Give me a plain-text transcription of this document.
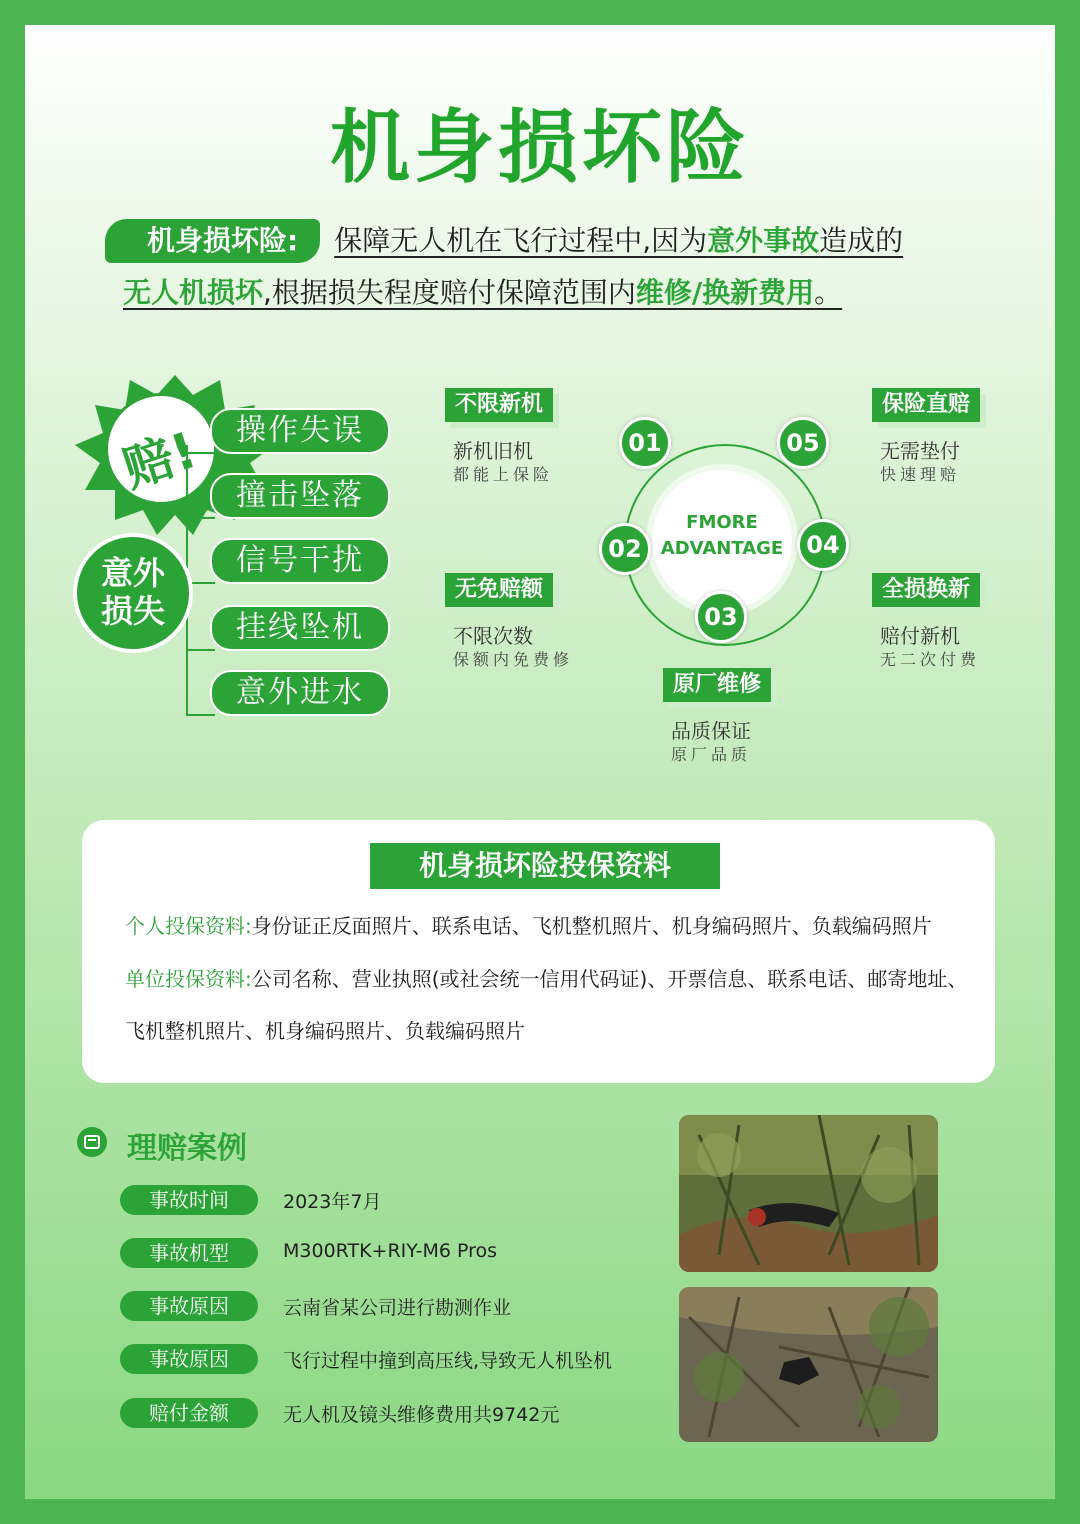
机身损坏险
机身损坏险: 保障无人机在飞行过程中,因为意外事故造成的
无人机损坏,根据损失程度赔付保障范围内维修/换新费用。
赔!
意外
损失
操作失误
撞击坠落
信号干扰
挂线坠机
意外进水
FMORE
ADVANTAGE
01
02
03
04
05
不限新机
新机旧机
都能上保险
无免赔额
不限次数
保额内免费修
原厂维修
品质保证
原厂品质
全损换新
赔付新机
无二次付费
保险直赔
无需垫付
快速理赔
机身损坏险投保资料
个人投保资料:身份证正反面照片、联系电话、飞机整机照片、机身编码照片、负载编码照片
单位投保资料:公司名称、营业执照(或社会统一信用代码证)、开票信息、联系电话、邮寄地址、
飞机整机照片、机身编码照片、负载编码照片
理赔案例
事故时间	2023年7月
事故机型	M300RTK+RIY-M6 Pros
事故原因	云南省某公司进行勘测作业
事故原因	飞行过程中撞到高压线,导致无人机坠机
赔付金额	无人机及镜头维修费用共9742元
